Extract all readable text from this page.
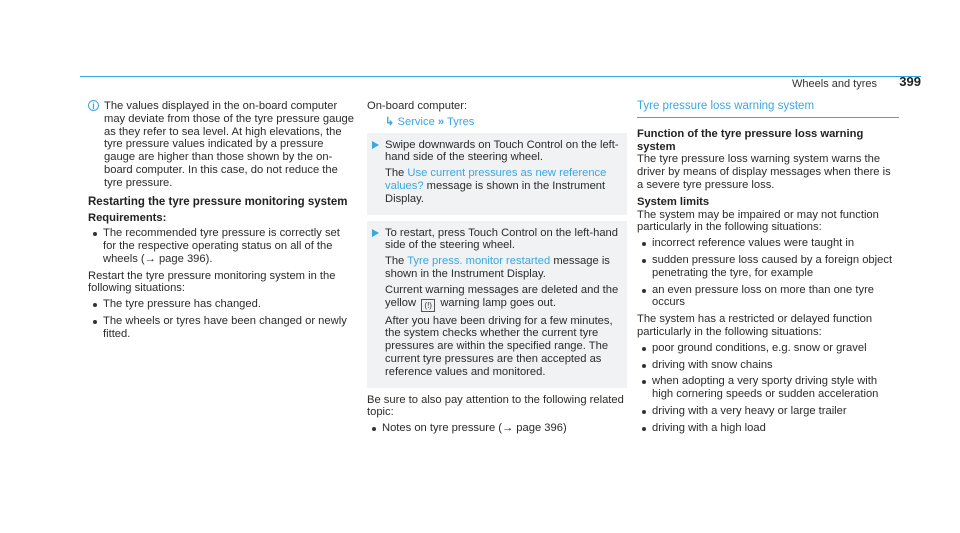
Wheels and tyres 399

i The values displayed in the on-board computer may deviate from those of the tyre pressure gauge as they refer to sea level. At high elevations, the tyre pressure values indicated by a pressure gauge are higher than those shown by the on-board computer. In this case, do not reduce the tyre pressure.

Restarting the tyre pressure monitoring system
Requirements:
The recommended tyre pressure is correctly set for the respective operating status on all of the wheels (→ page 396).

Restart the tyre pressure monitoring system in the following situations:

The tyre pressure has changed.
The wheels or tyres have been changed or newly fitted.

On-board computer:

↳ Service » Tyres

Swipe downwards on Touch Control on the left-hand side of the steering wheel.

The Use current pressures as new reference values? message is shown in the Instrument Display.

To restart, press Touch Control on the left-hand side of the steering wheel.

The Tyre press. monitor restarted message is shown in the Instrument Display.

Current warning messages are deleted and the yellow (!) warning lamp goes out.

After you have been driving for a few minutes, the system checks whether the current tyre pressures are within the specified range. The current tyre pressures are then accepted as reference values and monitored.

Be sure to also pay attention to the following related topic:

Notes on tyre pressure (→ page 396)
Tyre pressure loss warning system
Function of the tyre pressure loss warning system

The tyre pressure loss warning system warns the driver by means of display messages when there is a severe tyre pressure loss.

System limits

The system may be impaired or may not function particularly in the following situations:

incorrect reference values were taught in
sudden pressure loss caused by a foreign object penetrating the tyre, for example
an even pressure loss on more than one tyre occurs

The system has a restricted or delayed function particularly in the following situations:

poor ground conditions, e.g. snow or gravel
driving with snow chains
when adopting a very sporty driving style with high cornering speeds or sudden acceleration
driving with a very heavy or large trailer
driving with a high load
